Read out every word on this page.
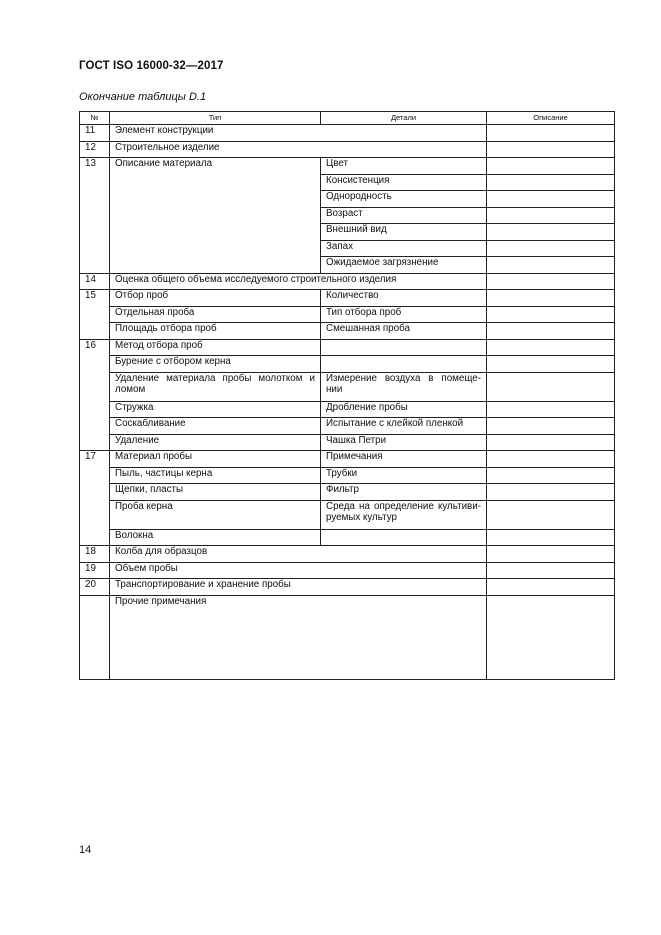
ГОСТ ISO 16000-32—2017
Окончание таблицы D.1
№	Тип	Детали	Описание
11	Элемент конструкции		
12	Строительное изделие		
13	Описание материала	Цвет	
		Консистенция	
		Однородность	
		Возраст	
		Внешний вид	
		Запах	
		Ожидаемое загрязнение	
14	Оценка общего объема исследуемого строительного изделия		
15	Отбор проб	Количество	
	Отдельная проба	Тип отбора проб	
	Площадь отбора проб	Смешанная проба	
16	Метод отбора проб		
	Бурение с отбором керна		
	Удаление материала пробы молотком и ломом	Измерение воздуха в помеще-нии	
	Стружка	Дробление пробы	
	Соскабливание	Испытание с клейкой пленкой	
	Удаление	Чашка Петри	
17	Материал пробы	Примечания	
	Пыль, частицы керна	Трубки	
	Щепки, пласты	Фильтр	
	Проба керна	Среда на определение культиви-руемых культур	
	Волокна		
18	Колба для образцов		
19	Объем пробы		
20	Транспортирование и хранение пробы		
	Прочие примечания		
14
